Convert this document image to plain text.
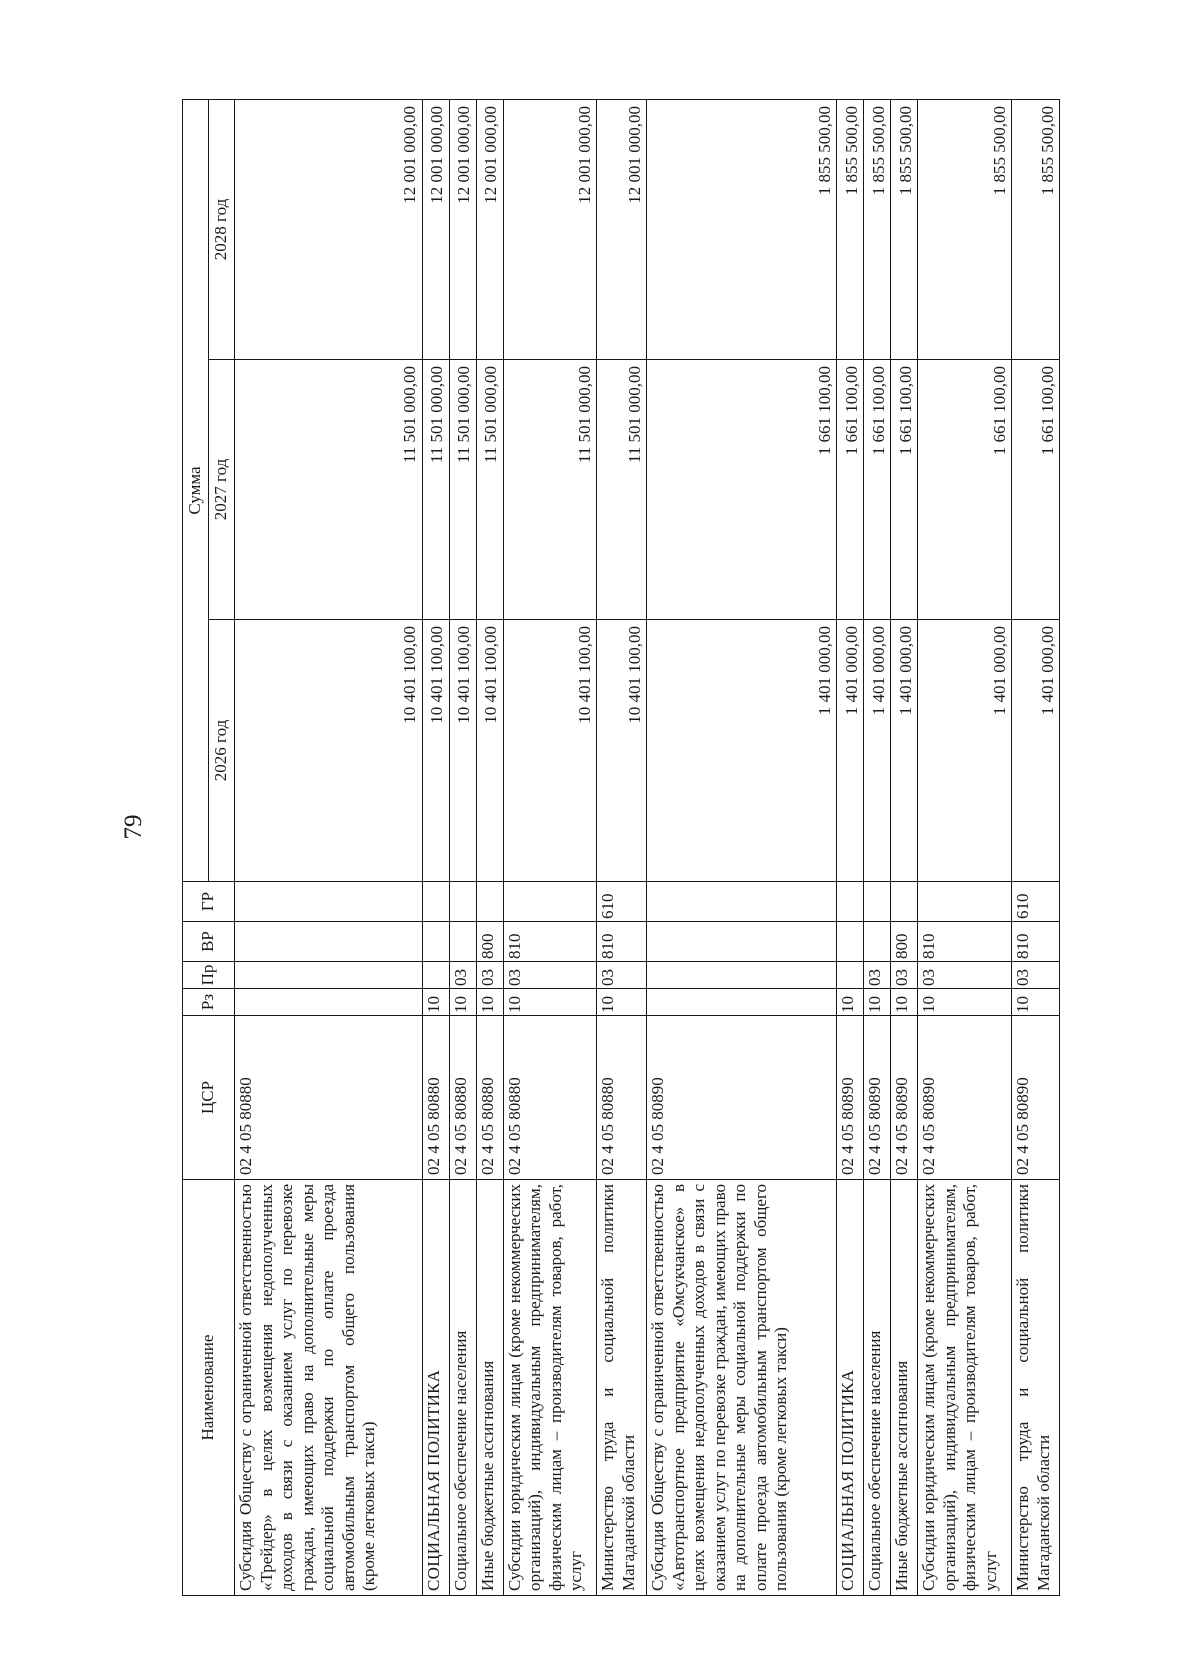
79
Наименование	ЦСР	Рз	Пр	ВР	ГР	Сумма		
						2026 год	2027 год	2028 год
Субсидия Обществу с ограниченной ответственностью «Трейдер» в целях возмещения недополученных доходов в связи с оказанием услуг по перевозке граждан, имеющих право на дополнительные меры социальной поддержки по оплате проезда автомобильным транспортом общего пользования (кроме легковых такси)	02 4 05 80880					10 401 100,00	11 501 000,00	12 001 000,00
СОЦИАЛЬНАЯ ПОЛИТИКА	02 4 05 80880	10				10 401 100,00	11 501 000,00	12 001 000,00
Социальное обеспечение населения	02 4 05 80880	10	03			10 401 100,00	11 501 000,00	12 001 000,00
Иные бюджетные ассигнования	02 4 05 80880	10	03	800		10 401 100,00	11 501 000,00	12 001 000,00
Субсидии юридическим лицам (кроме некоммерческих организаций), индивидуальным предпринимателям, физическим лицам – производителям товаров, работ, услуг	02 4 05 80880	10	03	810		10 401 100,00	11 501 000,00	12 001 000,00
Министерство труда и социальной политики Магаданской области	02 4 05 80880	10	03	810	610	10 401 100,00	11 501 000,00	12 001 000,00
Субсидия Обществу с ограниченной ответственностью «Автотранспортное предприятие «Омсукчанское» в целях возмещения недополученных доходов в связи с оказанием услуг по перевозке граждан, имеющих право на дополнительные меры социальной поддержки по оплате проезда автомобильным транспортом общего пользования (кроме легковых такси)	02 4 05 80890					1 401 000,00	1 661 100,00	1 855 500,00
СОЦИАЛЬНАЯ ПОЛИТИКА	02 4 05 80890	10				1 401 000,00	1 661 100,00	1 855 500,00
Социальное обеспечение населения	02 4 05 80890	10	03			1 401 000,00	1 661 100,00	1 855 500,00
Иные бюджетные ассигнования	02 4 05 80890	10	03	800		1 401 000,00	1 661 100,00	1 855 500,00
Субсидии юридическим лицам (кроме некоммерческих организаций), индивидуальным предпринимателям, физическим лицам – производителям товаров, работ, услуг	02 4 05 80890	10	03	810		1 401 000,00	1 661 100,00	1 855 500,00
Министерство труда и социальной политики Магаданской области	02 4 05 80890	10	03	810	610	1 401 000,00	1 661 100,00	1 855 500,00
